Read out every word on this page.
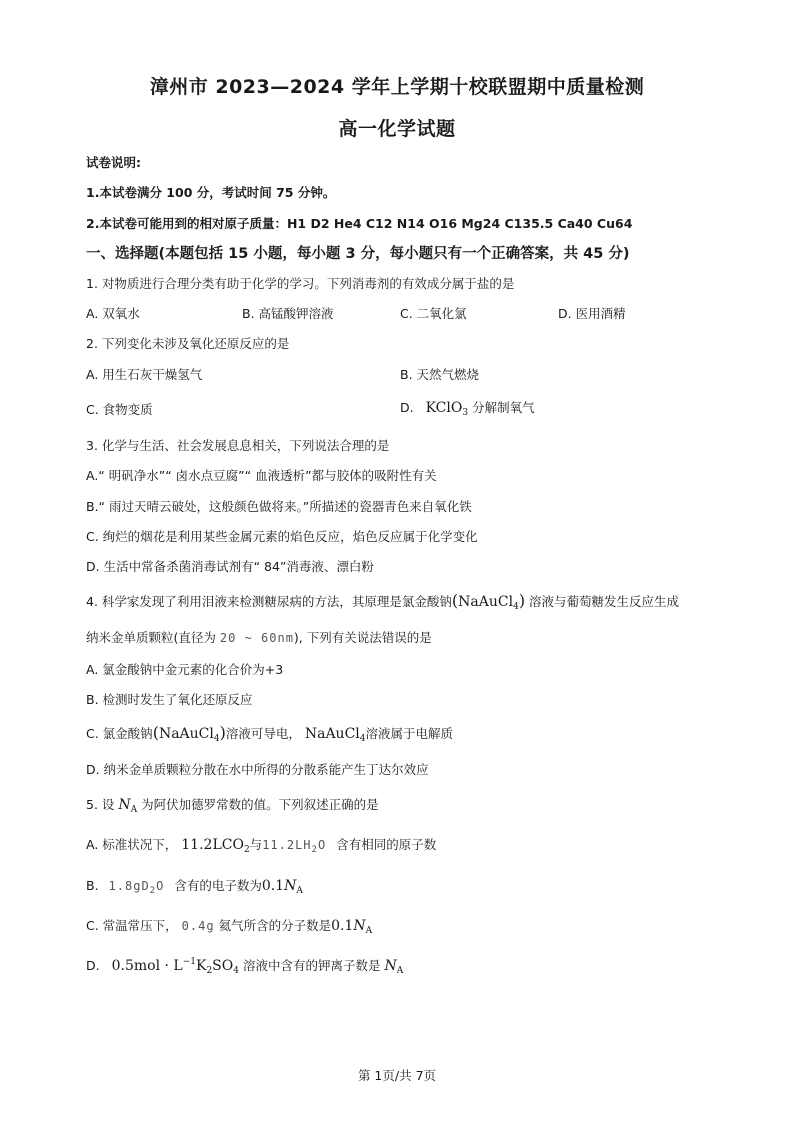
漳州市 2023—2024 学年上学期十校联盟期中质量检测
高一化学试题
试卷说明:
1.本试卷满分 100 分，考试时间 75 分钟。
2.本试卷可能用到的相对原子质量：H1 D2 He4 C12 N14 O16 Mg24 C135.5 Ca40 Cu64
一、选择题(本题包括 15 小题，每小题 3 分，每小题只有一个正确答案，共 45 分)
1. 对物质进行合理分类有助于化学的学习。下列消毒剂的有效成分属于盐的是
A. 双氧水	B. 高锰酸钾溶液	C. 二氧化氯	D. 医用酒精
2. 下列变化未涉及氧化还原反应的是
A. 用生石灰干燥氢气	B. 天然气燃烧
C. 食物变质	D. KClO$_3$ 分解制氧气
3. 化学与生活、社会发展息息相关，下列说法合理的是
A.“ 明矾净水”“ 卤水点豆腐”“ 血液透析”都与胶体的吸附性有关
B.“ 雨过天晴云破处，这般颜色做将来。”所描述的瓷器青色来自氧化铁
C. 绚烂的烟花是利用某些金属元素的焰色反应，焰色反应属于化学变化
D. 生活中常备杀菌消毒试剂有“ 84”消毒液、漂白粉
4. 科学家发现了利用泪液来检测糖尿病的方法，其原理是氯金酸钠(NaAuCl$_4$) 溶液与葡萄糖发生反应生成
纳米金单质颗粒(直径为 20 ~ 60nm), 下列有关说法错误的是
A. 氯金酸钠中金元素的化合价为+3
B. 检测时发生了氧化还原反应
C. 氯金酸钠(NaAuCl$_4$)溶液可导电， NaAuCl$_4$溶液属于电解质
D. 纳米金单质颗粒分散在水中所得的分散系能产生丁达尔效应
5. 设 $N_A$ 为阿伏加德罗常数的值。下列叙述正确的是
A. 标准状况下， $11.2LCO_2$与$11.2LH_2O$ 含有相同的原子数
B. $1.8gD_2O$ 含有的电子数为$0.1N_A$
C. 常温常压下， 0.4g 氦气所含的分子数是$0.1N_A$
D. $0.5mol \cdot L^{-1}K_2SO_4$ 溶液中含有的钾离子数是 $N_A$
第 1页/共 7页
